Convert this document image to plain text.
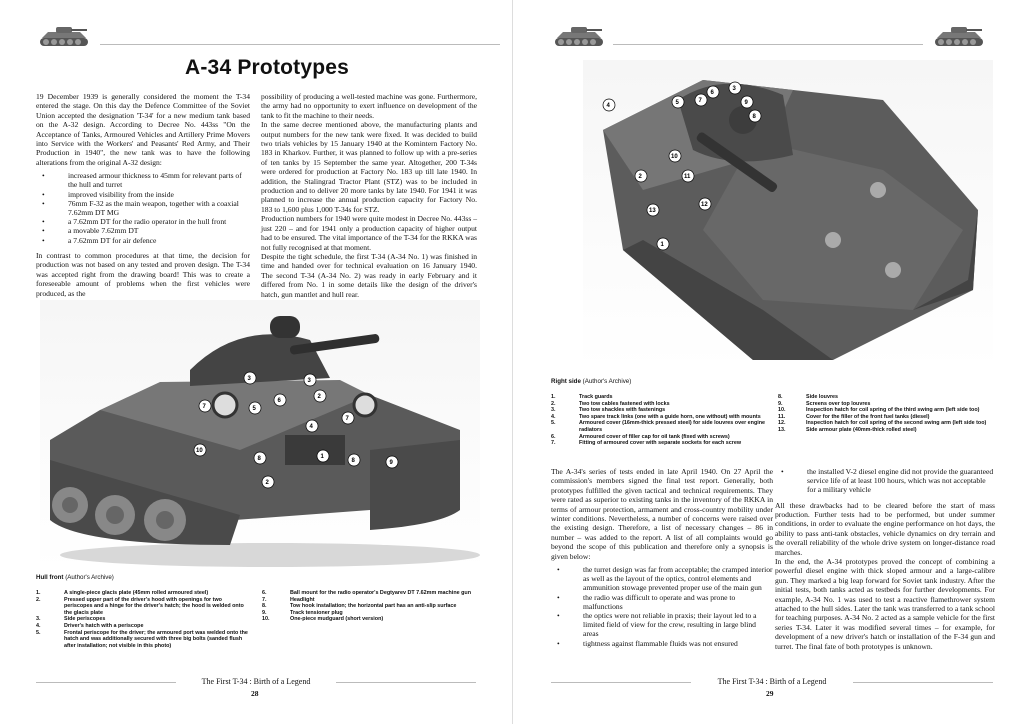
A-34 Prototypes

19 December 1939 is generally considered the moment the T-34 entered the stage. On this day the Defence Committee of the Soviet Union accepted the designation 'T-34' for a new medium tank based on the A-32 design. According to Decree No. 443ss "On the Acceptance of Tanks, Armoured Vehicles and Artillery Prime Movers into Service with the Workers' and Peasants' Red Army, and Their Production in 1940", the new tank was to have the following alterations from the original A-32 design:

• increased armour thickness to 45mm for relevant parts of the hull and turret
• improved visibility from the inside
• 76mm F-32 as the main weapon, together with a coaxial 7.62mm DT MG
• a 7.62mm DT for the radio operator in the hull front
• a movable 7.62mm DT
• a 7.62mm DT for air defence

In contrast to common procedures at that time, the decision for production was not based on any tested and proven design. The T-34 was accepted right from the drawing board! This was to create a foreseeable amount of problems when the first vehicles were produced, as the

possibility of producing a well-tested machine was gone. Furthermore, the army had no opportunity to exert influence on development of the tank to fit the machine to their needs.

In the same decree mentioned above, the manufacturing plants and output numbers for the new tank were fixed. It was decided to build two trials vehicles by 15 January 1940 at the Komintern Factory No. 183 in Kharkov. Further, it was planned to follow up with a pre-series of ten tanks by 15 September the same year. Altogether, 200 T-34s were ordered for production at Factory No. 183 up till late 1940. In addition, the Stalingrad Tractor Plant (STZ) was to be included in production and to deliver 20 more tanks by late 1940. For 1941 it was planned to increase the annual production capacity for Factory No. 183 to 1,600 plus 1,000 T-34s for STZ.

Production numbers for 1940 were quite modest in Decree No. 443ss – just 220 – and for 1941 only a production capacity of higher output had to be ensured. The vital importance of the T-34 for the RKKA was not fully recognised at that moment.

Despite the tight schedule, the first T-34 (A-34 No. 1) was finished in time and handed over for technical evaluation on 16 January 1940. The second T-34 (A-34 No. 2) was ready in early February and it differed from No. 1 in some details like the design of the driver's hatch, gun mantlet and hull rear.

3	3
7	5
6
2
7
4
10
8	1
8	9
2
Hull front (Author's Archive)
1.	A single-piece glacis plate (45mm rolled armoured steel)
2.	Pressed upper part of the driver's hood with openings for two periscopes and a hinge for the driver's hatch; the hood is welded onto the glacis plate
3.	Side periscopes
4.	Driver's hatch with a periscope
5.	Frontal periscope for the driver; the armoured port was welded onto the hatch and was additionally secured with three big bolts (sanded flush after installation; not visible in this photo)
6.	Ball mount for the radio operator's Degtyarev DT 7.62mm machine gun
7.	Headlight
8.	Tow hook installation; the horizontal part has an anti-slip surface
9.	Track tensioner plug
10.	One-piece mudguard (short version)
The First T-34 : Birth of a Legend
28
4	5	7
6
3
9
8
10
11
12
1
2
13
Right side (Author's Archive)
1.	Track guards
2.	Two tow cables fastened with locks
3.	Two tow shackles with fastenings
4.	Two spare track links (one with a guide horn, one without) with mounts
5.	Armoured cover (16mm-thick pressed steel) for side louvres over engine radiators
6.	Armoured cover of filler cap for oil tank (fixed with screws)
7.	Fitting of armoured cover with separate sockets for each screw
8.	Side louvres
9.	Screens over top louvres
10.	Inspection hatch for coil spring of the third swing arm (left side too)
11.	Cover for the filler of the front fuel tanks (diesel)
12.	Inspection hatch for coil spring of the second swing arm (left side too)
13.	Side armour plate (40mm-thick rolled steel)

The A-34's series of tests ended in late April 1940. On 27 April the commission's members signed the final test report. Generally, both prototypes fulfilled the given tactical and technical requirements. They were rated as superior to existing tanks in the inventory of the RKKA in terms of armour protection, armament and cross-country mobility under winter conditions. Nevertheless, a number of concerns were raised over the existing design. Therefore, a list of necessary changes – 86 in number – was added to the report. A list of all complaints would go beyond the scope of this publication and therefore only a synopsis is given below:

• the turret design was far from acceptable; the cramped interior as well as the layout of the optics, control elements and ammunition stowage prevented proper use of the main gun
• the radio was difficult to operate and was prone to malfunctions
• the optics were not reliable in praxis; their layout led to a limited field of view for the crew, resulting in large blind areas
• tightness against flammable fluids was not ensured
• the installed V-2 diesel engine did not provide the guaranteed service life of at least 100 hours, which was not acceptable for a military vehicle

All these drawbacks had to be cleared before the start of mass production. Further tests had to be performed, but under summer conditions, in order to evaluate the engine performance on hot days, the ability to pass anti-tank obstacles, vehicle dynamics on dry terrain and the overall reliability of the whole drive system on longer-distance road marches.

In the end, the A-34 prototypes proved the concept of combining a powerful diesel engine with thick sloped armour and a large-calibre gun. They marked a big leap forward for Soviet tank industry. After the initial tests, both tanks acted as testbeds for further developments. For example, A-34 No. 1 was used to test a reactive flamethrower system attached to the hull sides. Later the tank was transferred to a tank school for teaching purposes. A-34 No. 2 acted as a sample vehicle for the first series T-34. Later it was modified several times – for example, for development of a new driver's hatch or installation of the F-34 gun and turret. The final fate of both prototypes is unknown.

The First T-34 : Birth of a Legend
29
